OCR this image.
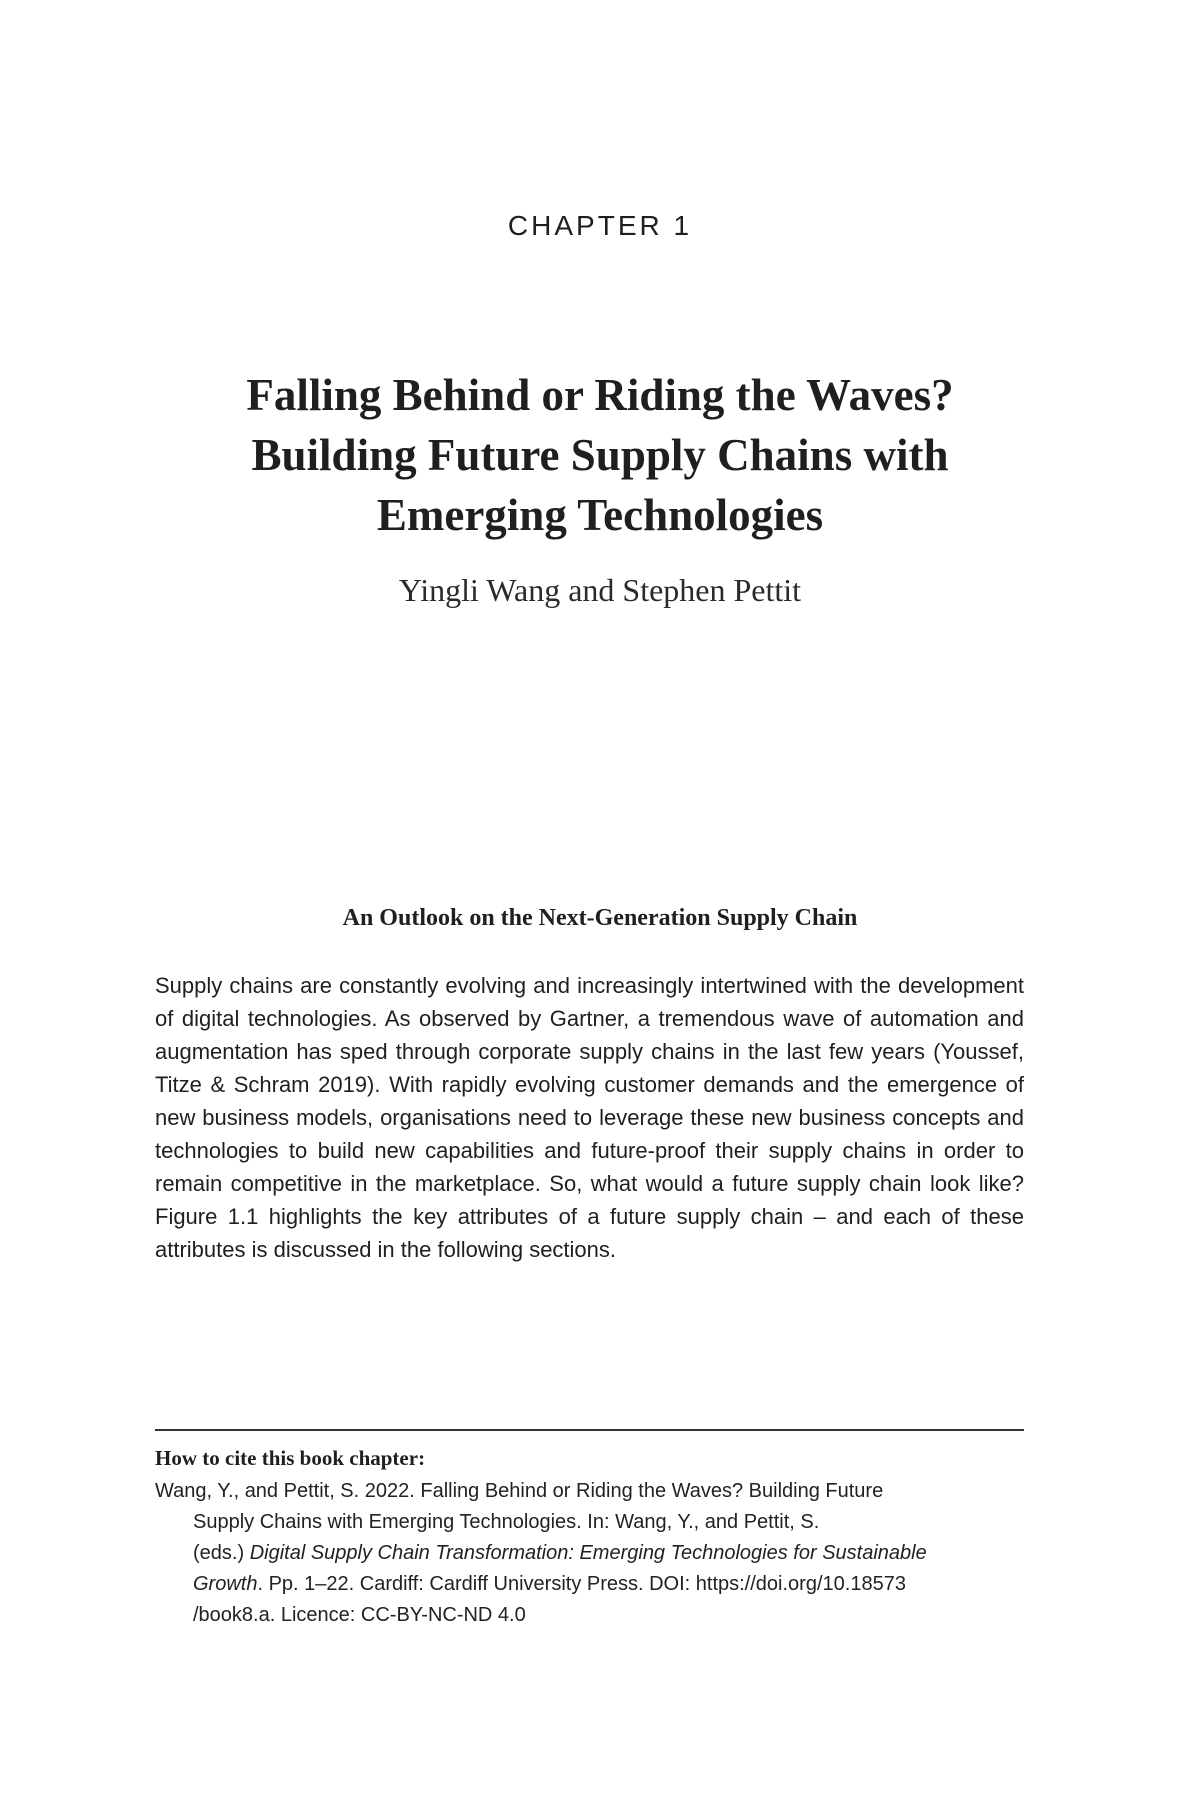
CHAPTER 1
Falling Behind or Riding the Waves?
Building Future Supply Chains with
Emerging Technologies
Yingli Wang and Stephen Pettit
An Outlook on the Next-Generation Supply Chain

Supply chains are constantly evolving and increasingly intertwined with the development of digital technologies. As observed by Gartner, a tremendous wave of automation and augmentation has sped through corporate supply chains in the last few years (Youssef, Titze & Schram 2019). With rapidly evolving customer demands and the emergence of new business models, organisations need to leverage these new business concepts and technologies to build new capabilities and future-proof their supply chains in order to remain competitive in the marketplace. So, what would a future supply chain look like? Figure 1.1 highlights the key attributes of a future supply chain – and each of these attributes is discussed in the following sections.

How to cite this book chapter:
Wang, Y., and Pettit, S. 2022. Falling Behind or Riding the Waves? Building Future
Supply Chains with Emerging Technologies. In: Wang, Y., and Pettit, S.
(eds.) Digital Supply Chain Transformation: Emerging Technologies for Sustainable
Growth. Pp. 1–22. Cardiff: Cardiff University Press. DOI: https://doi.org/10.18573
/book8.a. Licence: CC-BY-NC-ND 4.0
